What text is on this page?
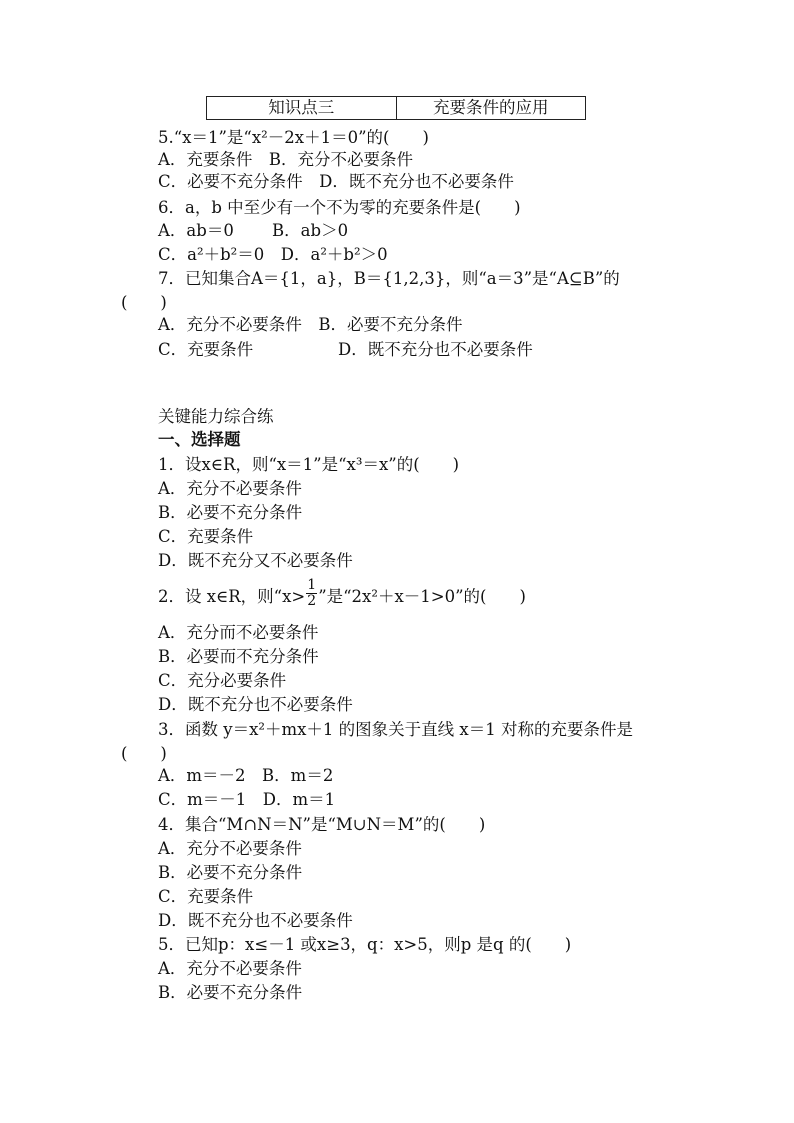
知识点三	充要条件的应用
5.“x＝1”是“x²－2x＋1＝0”的(　　)
A．充要条件　B．充分不必要条件
C．必要不充分条件　D．既不充分也不必要条件
6．a，b 中至少有一个不为零的充要条件是(　　)
A．ab＝0　　 B．ab＞0
C．a²＋b²＝0　D．a²＋b²＞0
7．已知集合A＝{1，a}，B＝{1,2,3}，则“a＝3”是“A⊆B”的
(　　)
A．充分不必要条件　B．必要不充分条件
C．充要条件	D．既不充分也不必要条件
关键能力综合练
一、选择题
1．设x∈R，则“x＝1”是“x³＝x”的(　　)
A．充分不必要条件
B．必要不充分条件
C．充要条件
D．既不充分又不必要条件
2．设 x∈R，则“$x> \frac{1}{2}$ ”是“2x²＋x－1>0”的(　　)
A．充分而不必要条件
B．必要而不充分条件
C．充分必要条件
D．既不充分也不必要条件
3．函数 y＝x²＋mx＋1 的图象关于直线 x＝1 对称的充要条件是
(　　)
A．m＝－2　B．m＝2
C．m＝－1　D．m＝1
4．集合“M∩N＝N”是“M∪N＝M”的(　　)
A．充分不必要条件
B．必要不充分条件
C．充要条件
D．既不充分也不必要条件
5．已知p：x≤－1 或x≥3，q：x>5，则p 是q 的(　　)
A．充分不必要条件
B．必要不充分条件
